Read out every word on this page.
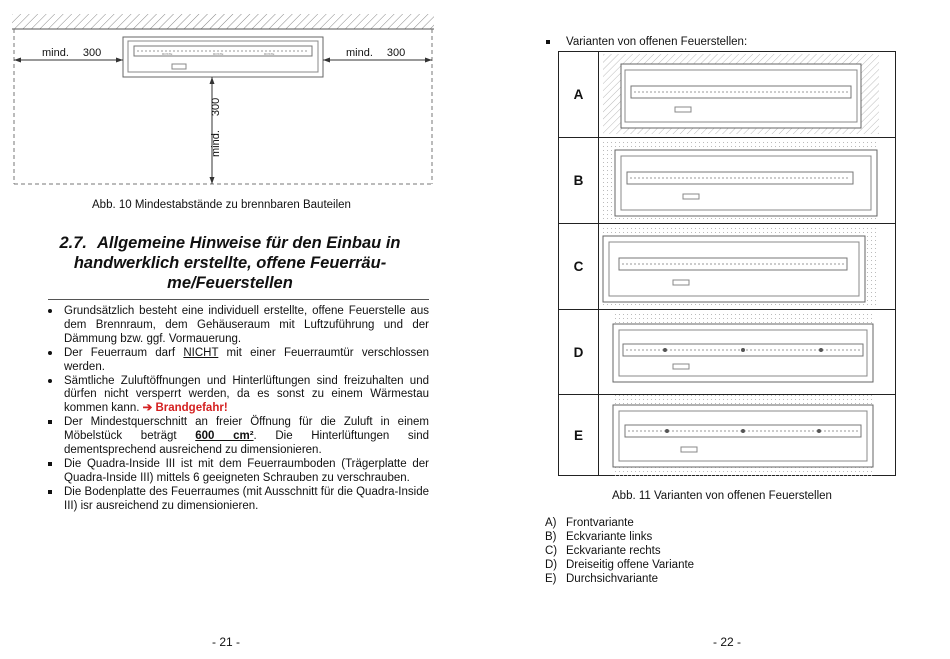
ROSTE	ROSTE	ROSTE
mind. 300	mind. 300
mind.300
Abb. 10 Mindestabstände zu brennbaren Bauteilen
2.7. Allgemeine Hinweise für den Einbau in
handwerklich erstellte, offene Feuerräu-
me/Feuerstellen
Grundsätzlich besteht eine individuell erstellte, offene Feuerstelle aus dem Brennraum, dem Gehäuseraum mit Luftzuführung und der Dämmung bzw. ggf. Vormauerung.
Der Feuerraum darf NICHT mit einer Feuerraumtür verschlossen werden.
Sämtliche Zuluftöffnungen und Hinterlüftungen sind freizuhalten und dürfen nicht versperrt werden, da es sonst zu einem Wärmestau kommen kann. ➔ Brandgefahr!
Der Mindestquerschnitt an freier Öffnung für die Zuluft in einem Möbelstück beträgt 600 cm². Die Hinterlüftungen sind dementsprechend ausreichend zu dimensionieren.
Die Quadra-Inside III ist mit dem Feuerraumboden (Trägerplatte der Quadra-Inside III) mittels 6 geeigneten Schrauben zu verschrauben.
Die Bodenplatte des Feuerraumes (mit Ausschnitt für die Quadra-Inside III) isr ausreichend zu dimensionieren.
- 21 -
Varianten von offenen Feuerstellen:
A
B
C
D
E
Abb. 11 Varianten von offenen Feuerstellen
A) Frontvariante
B) Eckvariante links
C) Eckvariante rechts
D) Dreiseitig offene Variante
E) Durchsichvariante
- 22 -
